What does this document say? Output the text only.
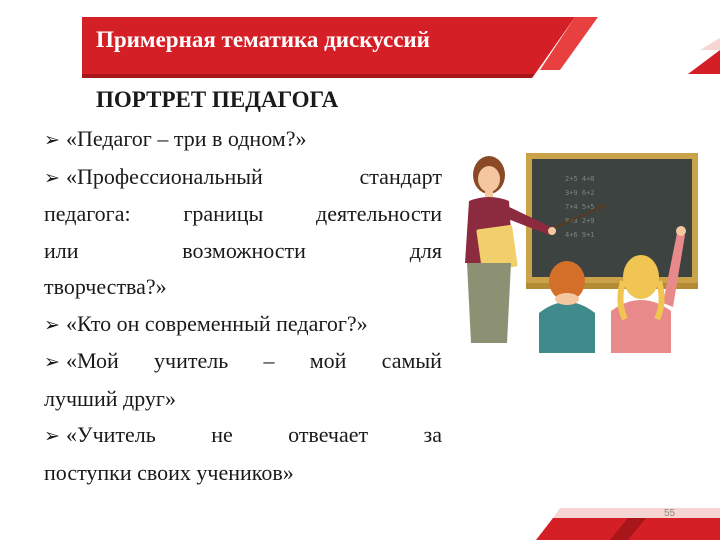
Примерная тематика дискуссий
ПОРТРЕТ ПЕДАГОГА
➢ «Педагог – три в одном?»
➢ «Профессиональный	стандарт
педагога: границы деятельности
или	возможности	для
творчества?»
➢ «Кто он современный педагог?»
➢ «Мой учитель – мой самый
лучший друг»
➢ «Учитель	не	отвечает	за
поступки своих учеников»
2+5 4+8
3+9 6+2
7+4 5+5
8+3 2+9
4+6 9+1
55
